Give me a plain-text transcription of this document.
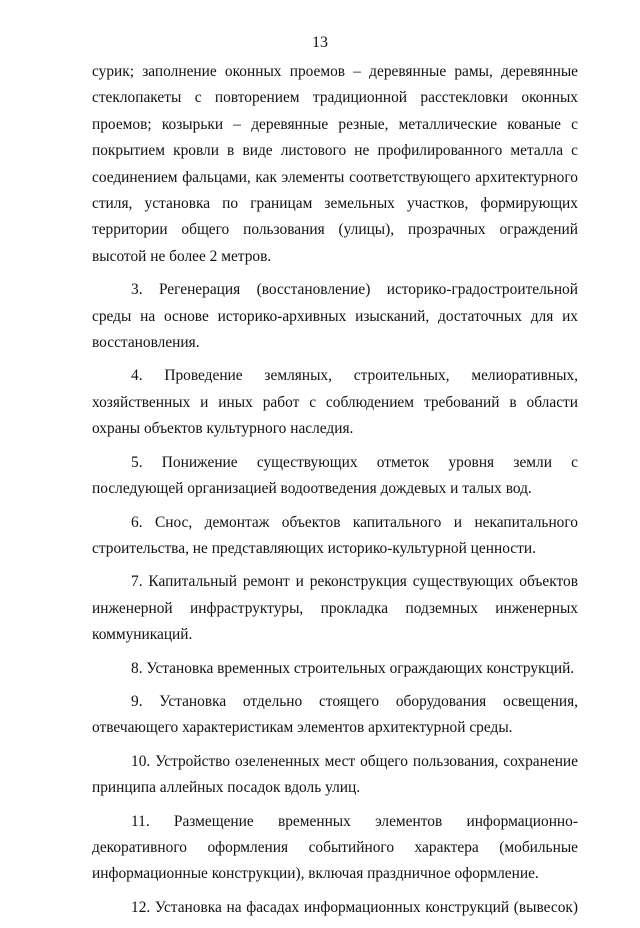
13

сурик; заполнение оконных проемов – деревянные рамы, деревянные стеклопакеты с повторением традиционной расстекловки оконных проемов; козырьки – деревянные резные, металлические кованые с покрытием кровли в виде листового не профилированного металла с соединением фальцами, как элементы соответствующего архитектурного стиля, установка по границам земельных участков, формирующих территории общего пользования (улицы), прозрачных ограждений высотой не более 2 метров.

3. Регенерация (восстановление) историко-градостроительной среды на основе историко-архивных изысканий, достаточных для их восстановления.

4. Проведение земляных, строительных, мелиоративных, хозяйственных и иных работ с соблюдением требований в области охраны объектов культурного наследия.

5. Понижение существующих отметок уровня земли с последующей организацией водоотведения дождевых и талых вод.

6. Снос, демонтаж объектов капитального и некапитального строительства, не представляющих историко-культурной ценности.

7. Капитальный ремонт и реконструкция существующих объектов инженерной инфраструктуры, прокладка подземных инженерных коммуникаций.

8. Установка временных строительных ограждающих конструкций.

9. Установка отдельно стоящего оборудования освещения, отвечающего характеристикам элементов архитектурной среды.

10. Устройство озелененных мест общего пользования, сохранение принципа аллейных посадок вдоль улиц.

11. Размещение временных элементов информационно-декоративного оформления событийного характера (мобильные информационные конструкции), включая праздничное оформление.

12. Установка на фасадах информационных конструкций (вывесок)
